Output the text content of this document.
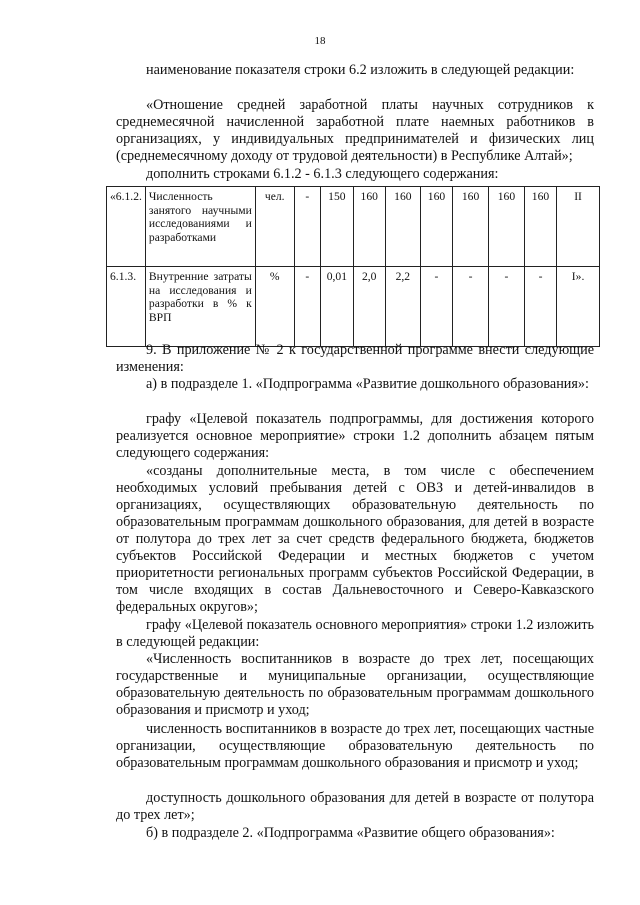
18

наименование показателя строки 6.2 изложить в следующей редакции:

«Отношение средней заработной платы научных сотрудников к среднемесячной начисленной заработной плате наемных работников в организациях, у индивидуальных предпринимателей и физических лиц (среднемесячному доходу от трудовой деятельности) в Республике Алтай»;

дополнить строками 6.1.2 - 6.1.3 следующего содержания:

«6.1.2.	Численность занятого научными исследованиями и разработками	чел.	-	150	160	160	160	160	160	160	II
6.1.3.	Внутренние затраты на исследования и разработки в % к ВРП	%	-	0,01	2,0	2,2	-	-	-	-	I».

9. В приложение № 2 к государственной программе внести следующие изменения:

а) в подразделе 1. «Подпрограмма «Развитие дошкольного образования»:

графу «Целевой показатель подпрограммы, для достижения которого реализуется основное мероприятие» строки 1.2 дополнить абзацем пятым следующего содержания:

«созданы дополнительные места, в том числе с обеспечением необходимых условий пребывания детей с ОВЗ и детей-инвалидов в организациях, осуществляющих образовательную деятельность по образовательным программам дошкольного образования, для детей в возрасте от полутора до трех лет за счет средств федерального бюджета, бюджетов субъектов Российской Федерации и местных бюджетов с учетом приоритетности региональных программ субъектов Российской Федерации, в том числе входящих в состав Дальневосточного и Северо-Кавказского федеральных округов»;

графу «Целевой показатель основного мероприятия» строки 1.2 изложить в следующей редакции:

«Численность воспитанников в возрасте до трех лет, посещающих государственные и муниципальные организации, осуществляющие образовательную деятельность по образовательным программам дошкольного образования и присмотр и уход;

численность воспитанников в возрасте до трех лет, посещающих частные организации, осуществляющие образовательную деятельность по образовательным программам дошкольного образования и присмотр и уход;

доступность дошкольного образования для детей в возрасте от полутора до трех лет»;

б) в подразделе 2. «Подпрограмма «Развитие общего образования»:
